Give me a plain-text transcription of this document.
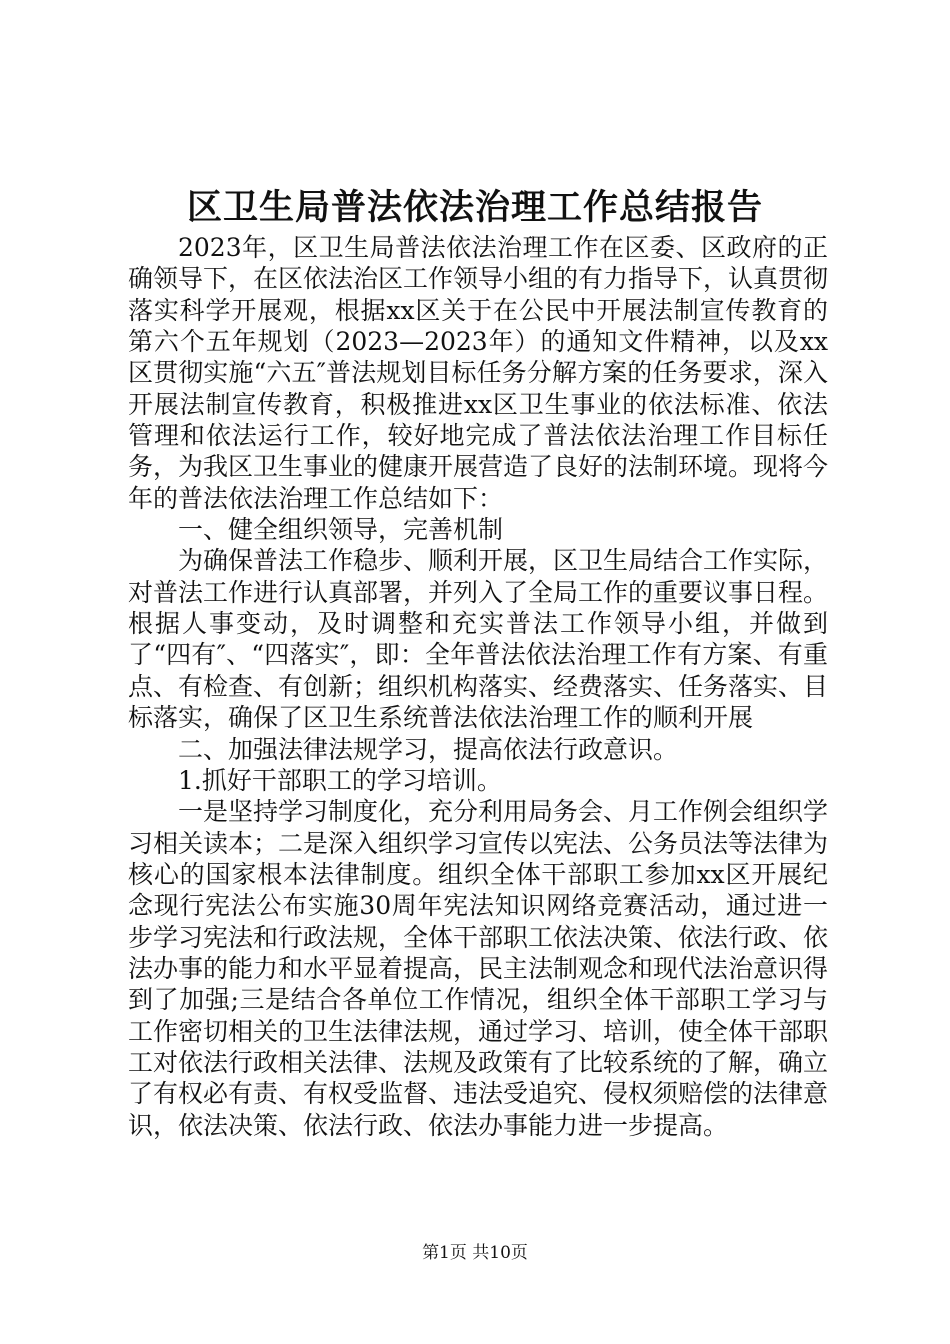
区卫生局普法依法治理工作总结报告

2023年，区卫生局普法依法治理工作在区委、区政府的正确领导下，在区依法治区工作领导小组的有力指导下，认真贯彻落实科学开展观，根据xx区关于在公民中开展法制宣传教育的第六个五年规划（2023—2023年）的通知文件精神，以及xx区贯彻实施“六五″普法规划目标任务分解方案的任务要求，深入开展法制宣传教育，积极推进xx区卫生事业的依法标准、依法管理和依法运行工作，较好地完成了普法依法治理工作目标任务，为我区卫生事业的健康开展营造了良好的法制环境。现将今年的普法依法治理工作总结如下：

一、健全组织领导，完善机制

为确保普法工作稳步、顺利开展，区卫生局结合工作实际，对普法工作进行认真部署，并列入了全局工作的重要议事日程。根据人事变动，及时调整和充实普法工作领导小组，并做到了“四有″、“四落实″，即：全年普法依法治理工作有方案、有重点、有检查、有创新；组织机构落实、经费落实、任务落实、目标落实，确保了区卫生系统普法依法治理工作的顺利开展

二、加强法律法规学习，提高依法行政意识。

1.抓好干部职工的学习培训。

一是坚持学习制度化，充分利用局务会、月工作例会组织学习相关读本；二是深入组织学习宣传以宪法、公务员法等法律为核心的国家根本法律制度。组织全体干部职工参加xx区开展纪念现行宪法公布实施30周年宪法知识网络竞赛活动，通过进一步学习宪法和行政法规，全体干部职工依法决策、依法行政、依法办事的能力和水平显着提高，民主法制观念和现代法治意识得到了加强;三是结合各单位工作情况，组织全体干部职工学习与工作密切相关的卫生法律法规，通过学习、培训，使全体干部职工对依法行政相关法律、法规及政策有了比较系统的了解，确立了有权必有责、有权受监督、违法受追究、侵权须赔偿的法律意识，依法决策、依法行政、依法办事能力进一步提高。

第1页 共10页
